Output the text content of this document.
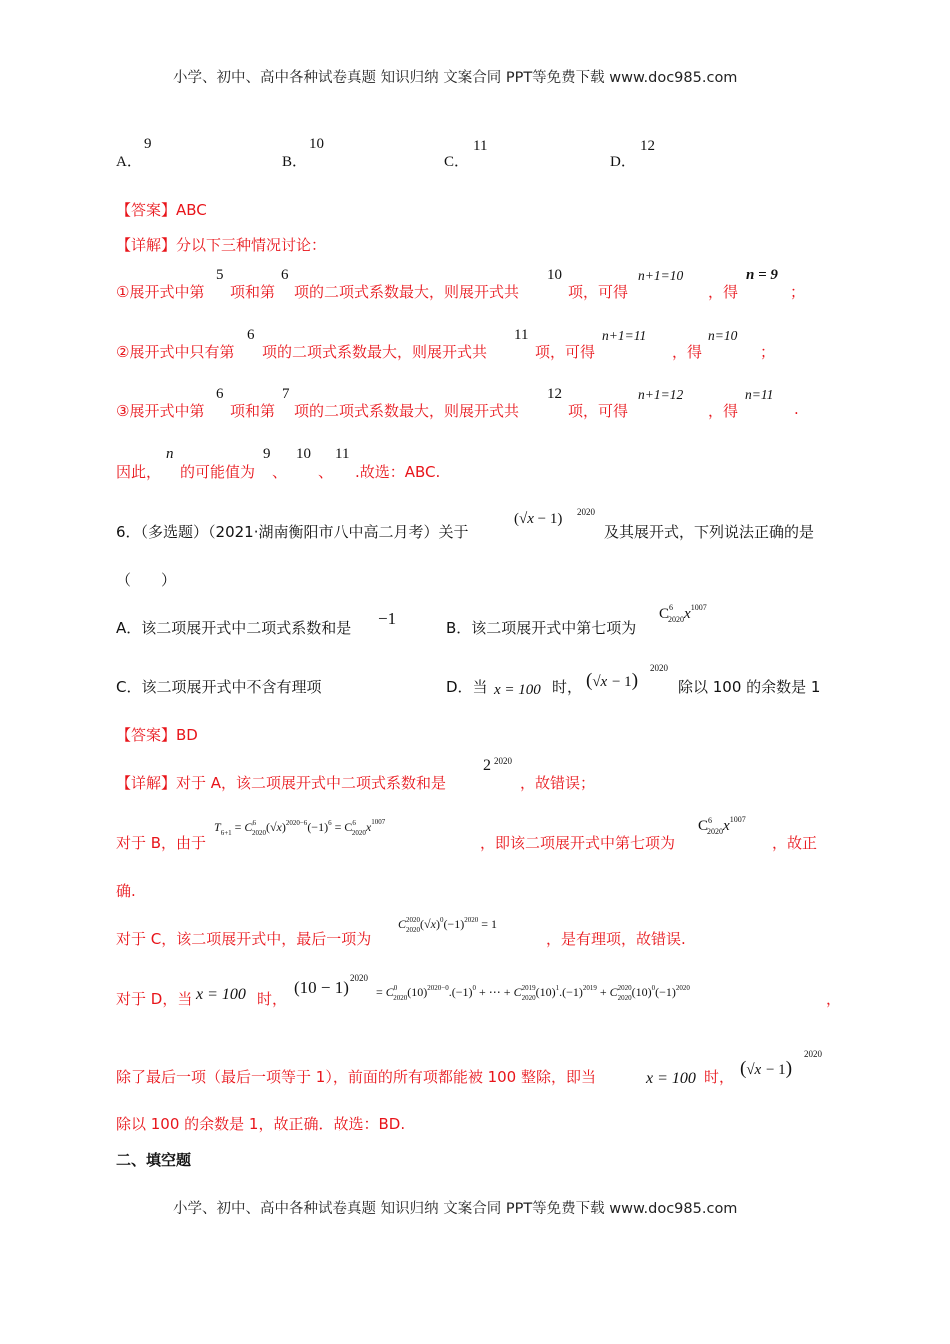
小学、初中、高中各种试卷真题 知识归纳 文案合同 PPT等免费下载 www.doc985.com
A．
9
B．
10
C．
11
D．
12
【答案】ABC
【详解】分以下三种情况讨论：
①展开式中第
5
项和第
6
项的二项式系数最大，则展开式共
10
项，可得
n+1=10
，得
n = 9
；
②展开式中只有第
6
项的二项式系数最大，则展开式共
11
项，可得
n+1=11
，得
n=10
；
③展开式中第
6
项和第
7
项的二项式系数最大，则展开式共
12
项，可得
n+1=12
，得
n=11
.
因此，
n
的可能值为
9
、
10
、
11
.故选：ABC.
6．（多选题）（2021·湖南衡阳市八中高二月考）关于
(√x − 1) 2020
及其展开式，下列说法正确的是
（　　）
A．该二项展开式中二项式系数和是 −1	B．该二项展开式中第七项为
$C^6_{2020}x^{1007}$
C．该二项展开式中不含有理项	D．当 x = 100 时， (√x − 1)
2020
除以 100 的余数是 1
【答案】BD
【详解】对于 A，该二项展开式中二项式系数和是
2 2020
，故错误；
对于 B，由于
$T_{6+1} = C^6_{2020}(√x)^{2020-6}(-1)^6 = C^6_{2020}x^{1007}$
，即该二项展开式中第七项为
$C^6_{2020}x^{1007}$
，故正
确.
对于 C，该二项展开式中，最后一项为
$C^{2020}_{2020}(√x)^0(-1)^{2020} = 1$
，是有理项，故错误.
对于 D，当 x = 100 时，
(10 − 1) 2020
= $C^0_{2020}(10)^{2020-0}.(-1)^0$ + ⋯ + $C^{2019}_{2020}(10)^1.(-1)^{2019} + C^{2020}_{2020}(10)^0(-1)^{2020}$
，
除了最后一项（最后一项等于 1），前面的所有项都能被 100 整除，即当	x = 100 时， (√x − 1)
2020
除以 100 的余数是 1，故正确．故选：BD.
二、填空题
小学、初中、高中各种试卷真题 知识归纳 文案合同 PPT等免费下载 www.doc985.com
